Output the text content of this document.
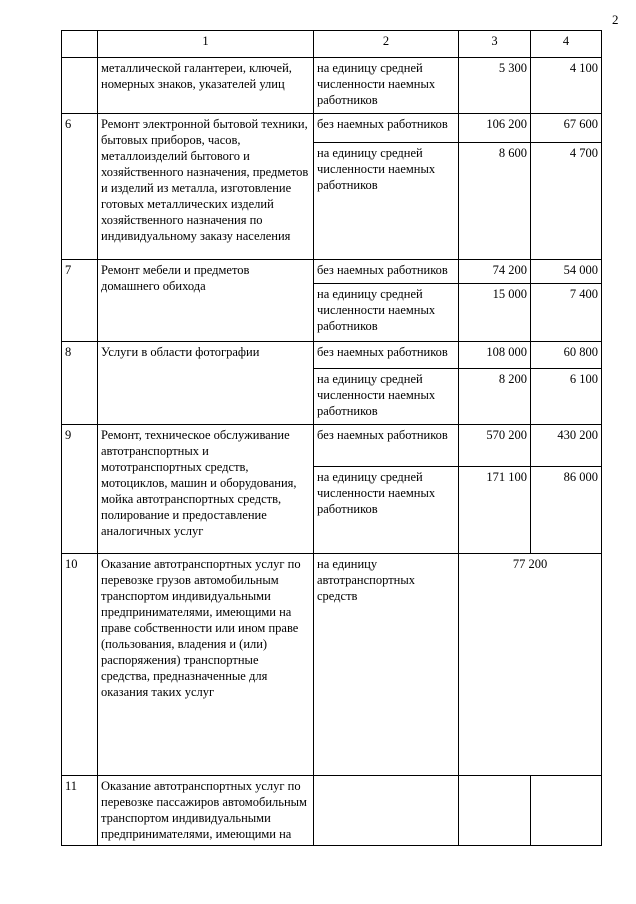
2
	1	2	3	4
	металлической галантереи, ключей, номерных знаков, указателей улиц	на единицу средней численности наемных работников	5 300	4 100
6	Ремонт электронной бытовой техники, бытовых приборов, часов, металлоизделий бытового и хозяйственного назначения, предметов и изделий из металла, изготовление готовых металлических изделий хозяйственного назначения по индивидуальному заказу населения	без наемных работников	106 200	67 600
		на единицу средней численности наемных работников	8 600	4 700
7	Ремонт мебели и предметов домашнего обихода	без наемных работников	74 200	54 000
		на единицу средней численности наемных работников	15 000	7 400
8	Услуги в области фотографии	без наемных работников	108 000	60 800
		на единицу средней численности наемных работников	8 200	6 100
9	Ремонт, техническое обслуживание автотранспортных и мототранспортных средств, мотоциклов, машин и оборудования, мойка автотранспортных средств, полирование и предоставление аналогичных услуг	без наемных работников	570 200	430 200
		на единицу средней численности наемных работников	171 100	86 000
10	Оказание автотранспортных услуг по перевозке грузов автомобильным транспортом индивидуальными предпринимателями, имеющими на праве собственности или ином праве (пользования, владения и (или) распоряжения) транспортные средства, предназначенные для оказания таких услуг	на единицу автотранспортных средств	77 200	
11	Оказание автотранспортных услуг по перевозке пассажиров автомобильным транспортом индивидуальными предпринимателями, имеющими на			
